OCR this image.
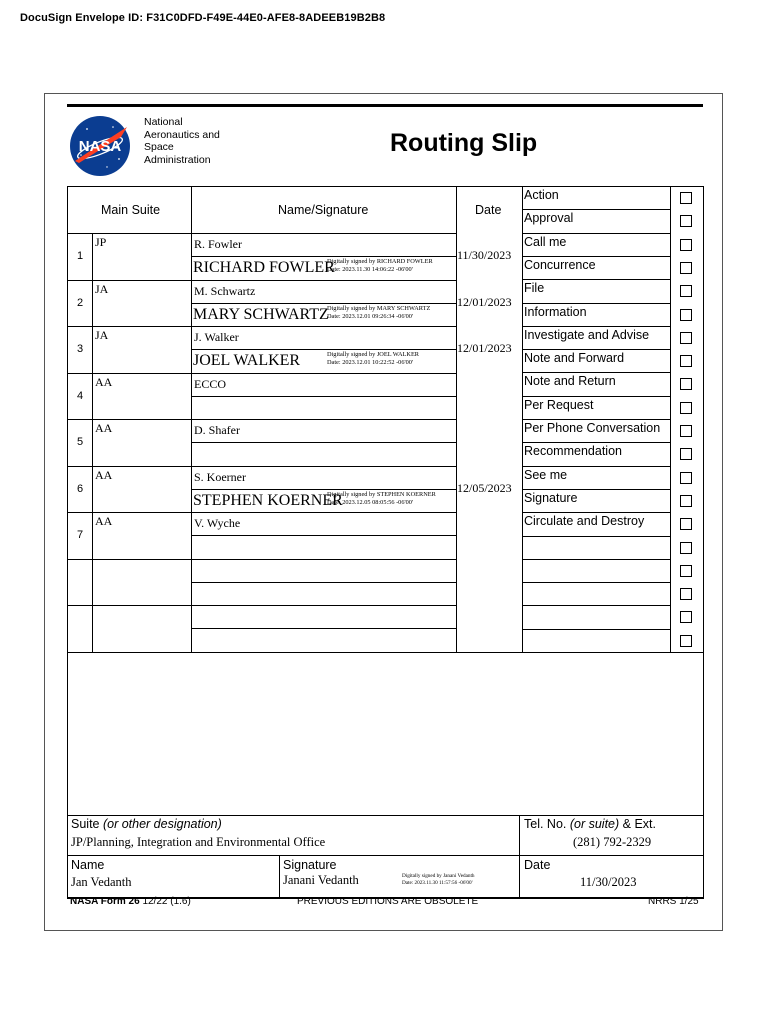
DocuSign Envelope ID: F31C0DFD-F49E-44E0-AFE8-8ADEEB19B2B8
NASA
National
Aeronautics and
Space
Administration
Routing Slip
Main Suite	Name/Signature	Date
1
JP	R. Fowler
RICHARD FOWLER
Digitally signed by RICHARD FOWLER
Date: 2023.11.30 14:06:22 -06'00'
11/30/2023
2
JA	M. Schwartz
MARY SCHWARTZ
Digitally signed by MARY SCHWARTZ
Date: 2023.12.01 09:26:34 -06'00'
12/01/2023
3
JA	J. Walker
JOEL WALKER	Digitally signed by JOEL WALKER
Date: 2023.12.01 10:22:52 -06'00'
12/01/2023
4
AA	ECCO
5
AA	D. Shafer
6
AA	S. Koerner
STEPHEN KOERNER
Digitally signed by STEPHEN KOERNER
Date: 2023.12.05 08:05:56 -06'00'
12/05/2023
7
AA	V. Wyche
Action
Approval
Call me
Concurrence
File
Information
Investigate and Advise
Note and Forward
Note and Return
Per Request
Per Phone Conversation
Recommendation
See me
Signature
Circulate and Destroy
Suite (or other designation)
JP/Planning, Integration and Environmental Office
Tel. No. (or suite) & Ext.
(281) 792-2329
Name
Jan Vedanth
Signature
Janani Vedanth	Digitally signed by Janani Vedanth
Date: 2023.11.30 11:57:56 -06'00'
Date
11/30/2023
NASA Form 26 12/22 (1.6)	PREVIOUS EDITIONS ARE OBSOLETE	NRRS 1/25
